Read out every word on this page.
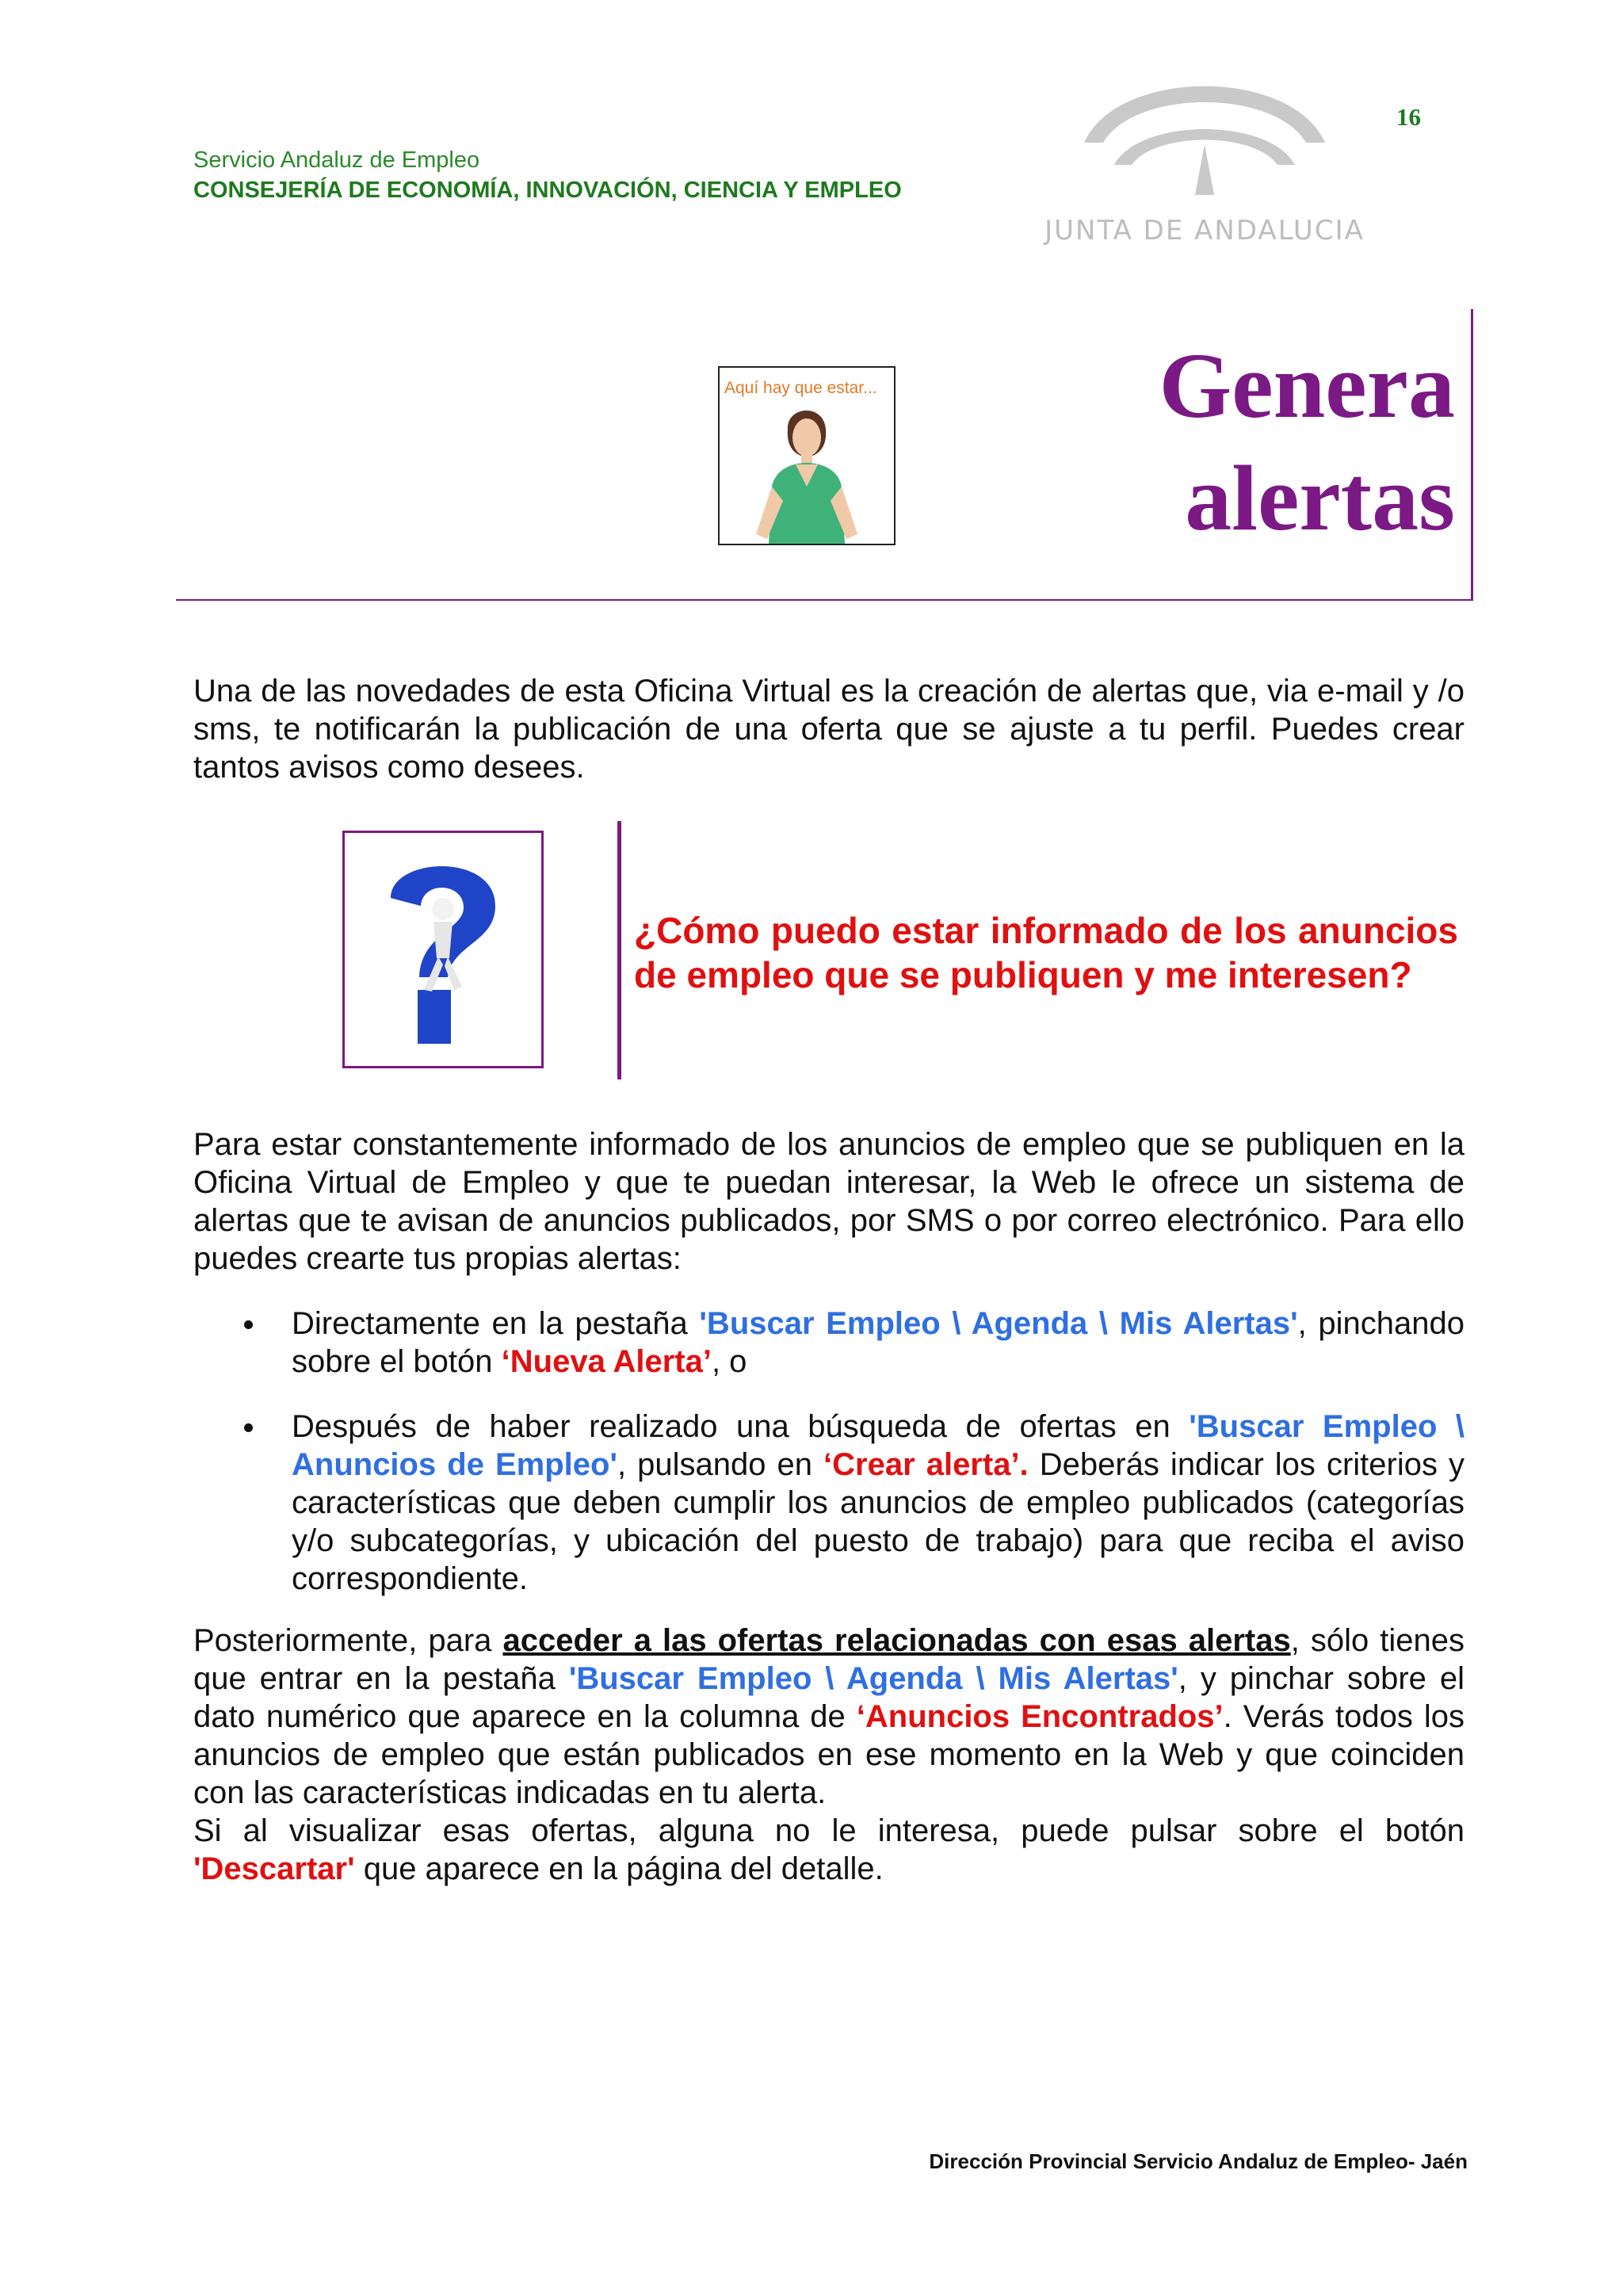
Servicio Andaluz de Empleo
CONSEJERÍA DE ECONOMÍA, INNOVACIÓN, CIENCIA Y EMPLEO
16
JUNTA DE ANDALUCIA
Genera
alertas
Aquí hay que estar...
Una de las novedades de esta Oficina Virtual es la creación de alertas que, via e-mail y /o sms, te notificarán la publicación de una oferta que se ajuste a tu perfil. Puedes crear tantos avisos como desees.
¿Cómo puedo estar informado de los anuncios de empleo que se publiquen y me interesen?
Para estar constantemente informado de los anuncios de empleo que se publiquen en la Oficina Virtual de Empleo y que te puedan interesar, la Web le ofrece un sistema de alertas que te avisan de anuncios publicados, por SMS o por correo electrónico. Para ello puedes crearte tus propias alertas:
Directamente en la pestaña 'Buscar Empleo \ Agenda \ Mis Alertas', pinchando sobre el botón ‘Nueva Alerta’, o
Después de haber realizado una búsqueda de ofertas en 'Buscar Empleo \ Anuncios de Empleo', pulsando en ‘Crear alerta’. Deberás indicar los criterios y características que deben cumplir los anuncios de empleo publicados (categorías y/o subcategorías, y ubicación del puesto de trabajo) para que reciba el aviso correspondiente.
Posteriormente, para acceder a las ofertas relacionadas con esas alertas, sólo tienes que entrar en la pestaña 'Buscar Empleo \ Agenda \ Mis Alertas', y pinchar sobre el dato numérico que aparece en la columna de ‘Anuncios Encontrados’. Verás todos los anuncios de empleo que están publicados en ese momento en la Web y que coinciden con las características indicadas en tu alerta.
Si al visualizar esas ofertas, alguna no le interesa, puede pulsar sobre el botón 'Descartar' que aparece en la página del detalle.
Dirección Provincial Servicio Andaluz de Empleo- Jaén
